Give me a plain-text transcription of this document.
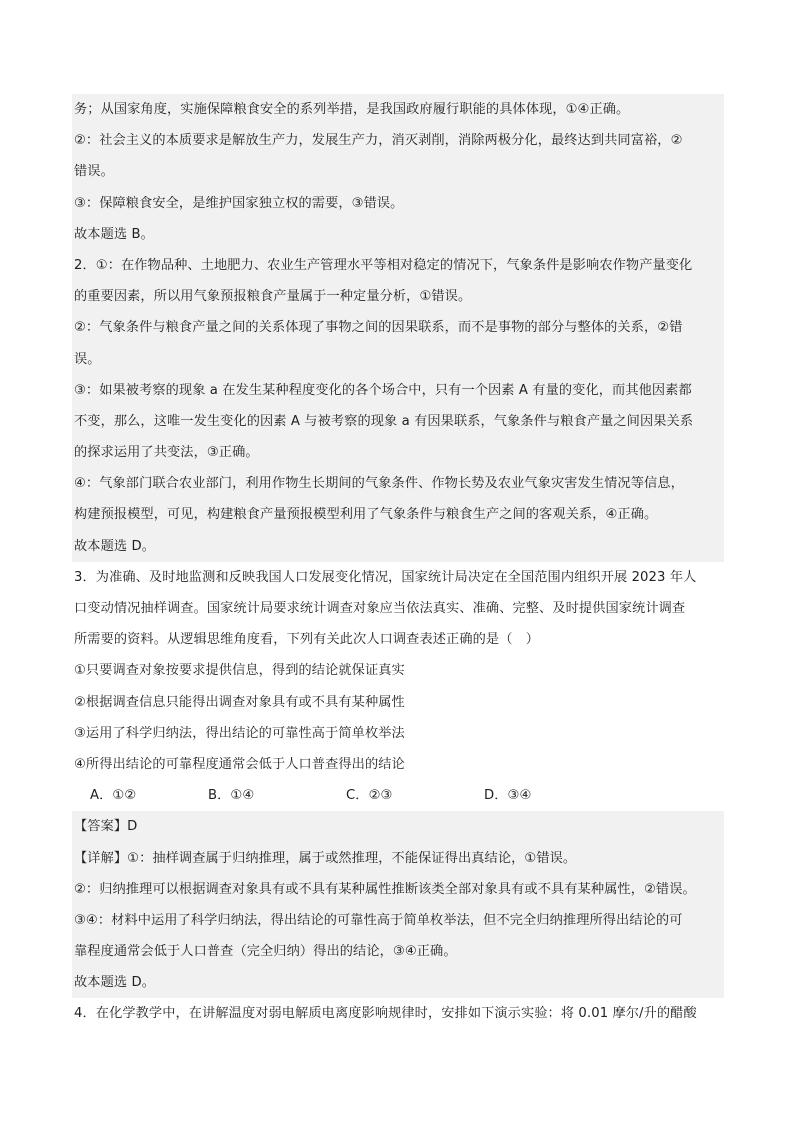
务；从国家角度，实施保障粮食安全的系列举措，是我国政府履行职能的具体体现，①④正确。
②：社会主义的本质要求是解放生产力，发展生产力，消灭剥削，消除两极分化，最终达到共同富裕，②
错误。
③：保障粮食安全，是维护国家独立权的需要，③错误。
故本题选 B。
2．①：在作物品种、土地肥力、农业生产管理水平等相对稳定的情况下，气象条件是影响农作物产量变化
的重要因素，所以用气象预报粮食产量属于一种定量分析，①错误。
②：气象条件与粮食产量之间的关系体现了事物之间的因果联系，而不是事物的部分与整体的关系，②错
误。
③：如果被考察的现象 a 在发生某种程度变化的各个场合中，只有一个因素 A 有量的变化，而其他因素都
不变，那么，这唯一发生变化的因素 A 与被考察的现象 a 有因果联系，气象条件与粮食产量之间因果关系
的探求运用了共变法，③正确。
④：气象部门联合农业部门，利用作物生长期间的气象条件、作物长势及农业气象灾害发生情况等信息，
构建预报模型，可见，构建粮食产量预报模型利用了气象条件与粮食生产之间的客观关系，④正确。
故本题选 D。
3．为准确、及时地监测和反映我国人口发展变化情况，国家统计局决定在全国范围内组织开展 2023 年人
口变动情况抽样调查。国家统计局要求统计调查对象应当依法真实、准确、完整、及时提供国家统计调查
所需要的资料。从逻辑思维角度看，下列有关此次人口调查表述正确的是（　）
①只要调查对象按要求提供信息，得到的结论就保证真实
②根据调查信息只能得出调查对象具有或不具有某种属性
③运用了科学归纳法，得出结论的可靠性高于简单枚举法
④所得出结论的可靠程度通常会低于人口普查得出的结论
A．①②	B．①④	C．②③	D．③④
【答案】D
【详解】①：抽样调查属于归纳推理，属于或然推理，不能保证得出真结论，①错误。
②：归纳推理可以根据调查对象具有或不具有某种属性推断该类全部对象具有或不具有某种属性，②错误。
③④：材料中运用了科学归纳法，得出结论的可靠性高于简单枚举法，但不完全归纳推理所得出结论的可
靠程度通常会低于人口普查（完全归纳）得出的结论，③④正确。
故本题选 D。
4．在化学教学中，在讲解温度对弱电解质电离度影响规律时，安排如下演示实验：将 0.01 摩尔/升的醋酸
